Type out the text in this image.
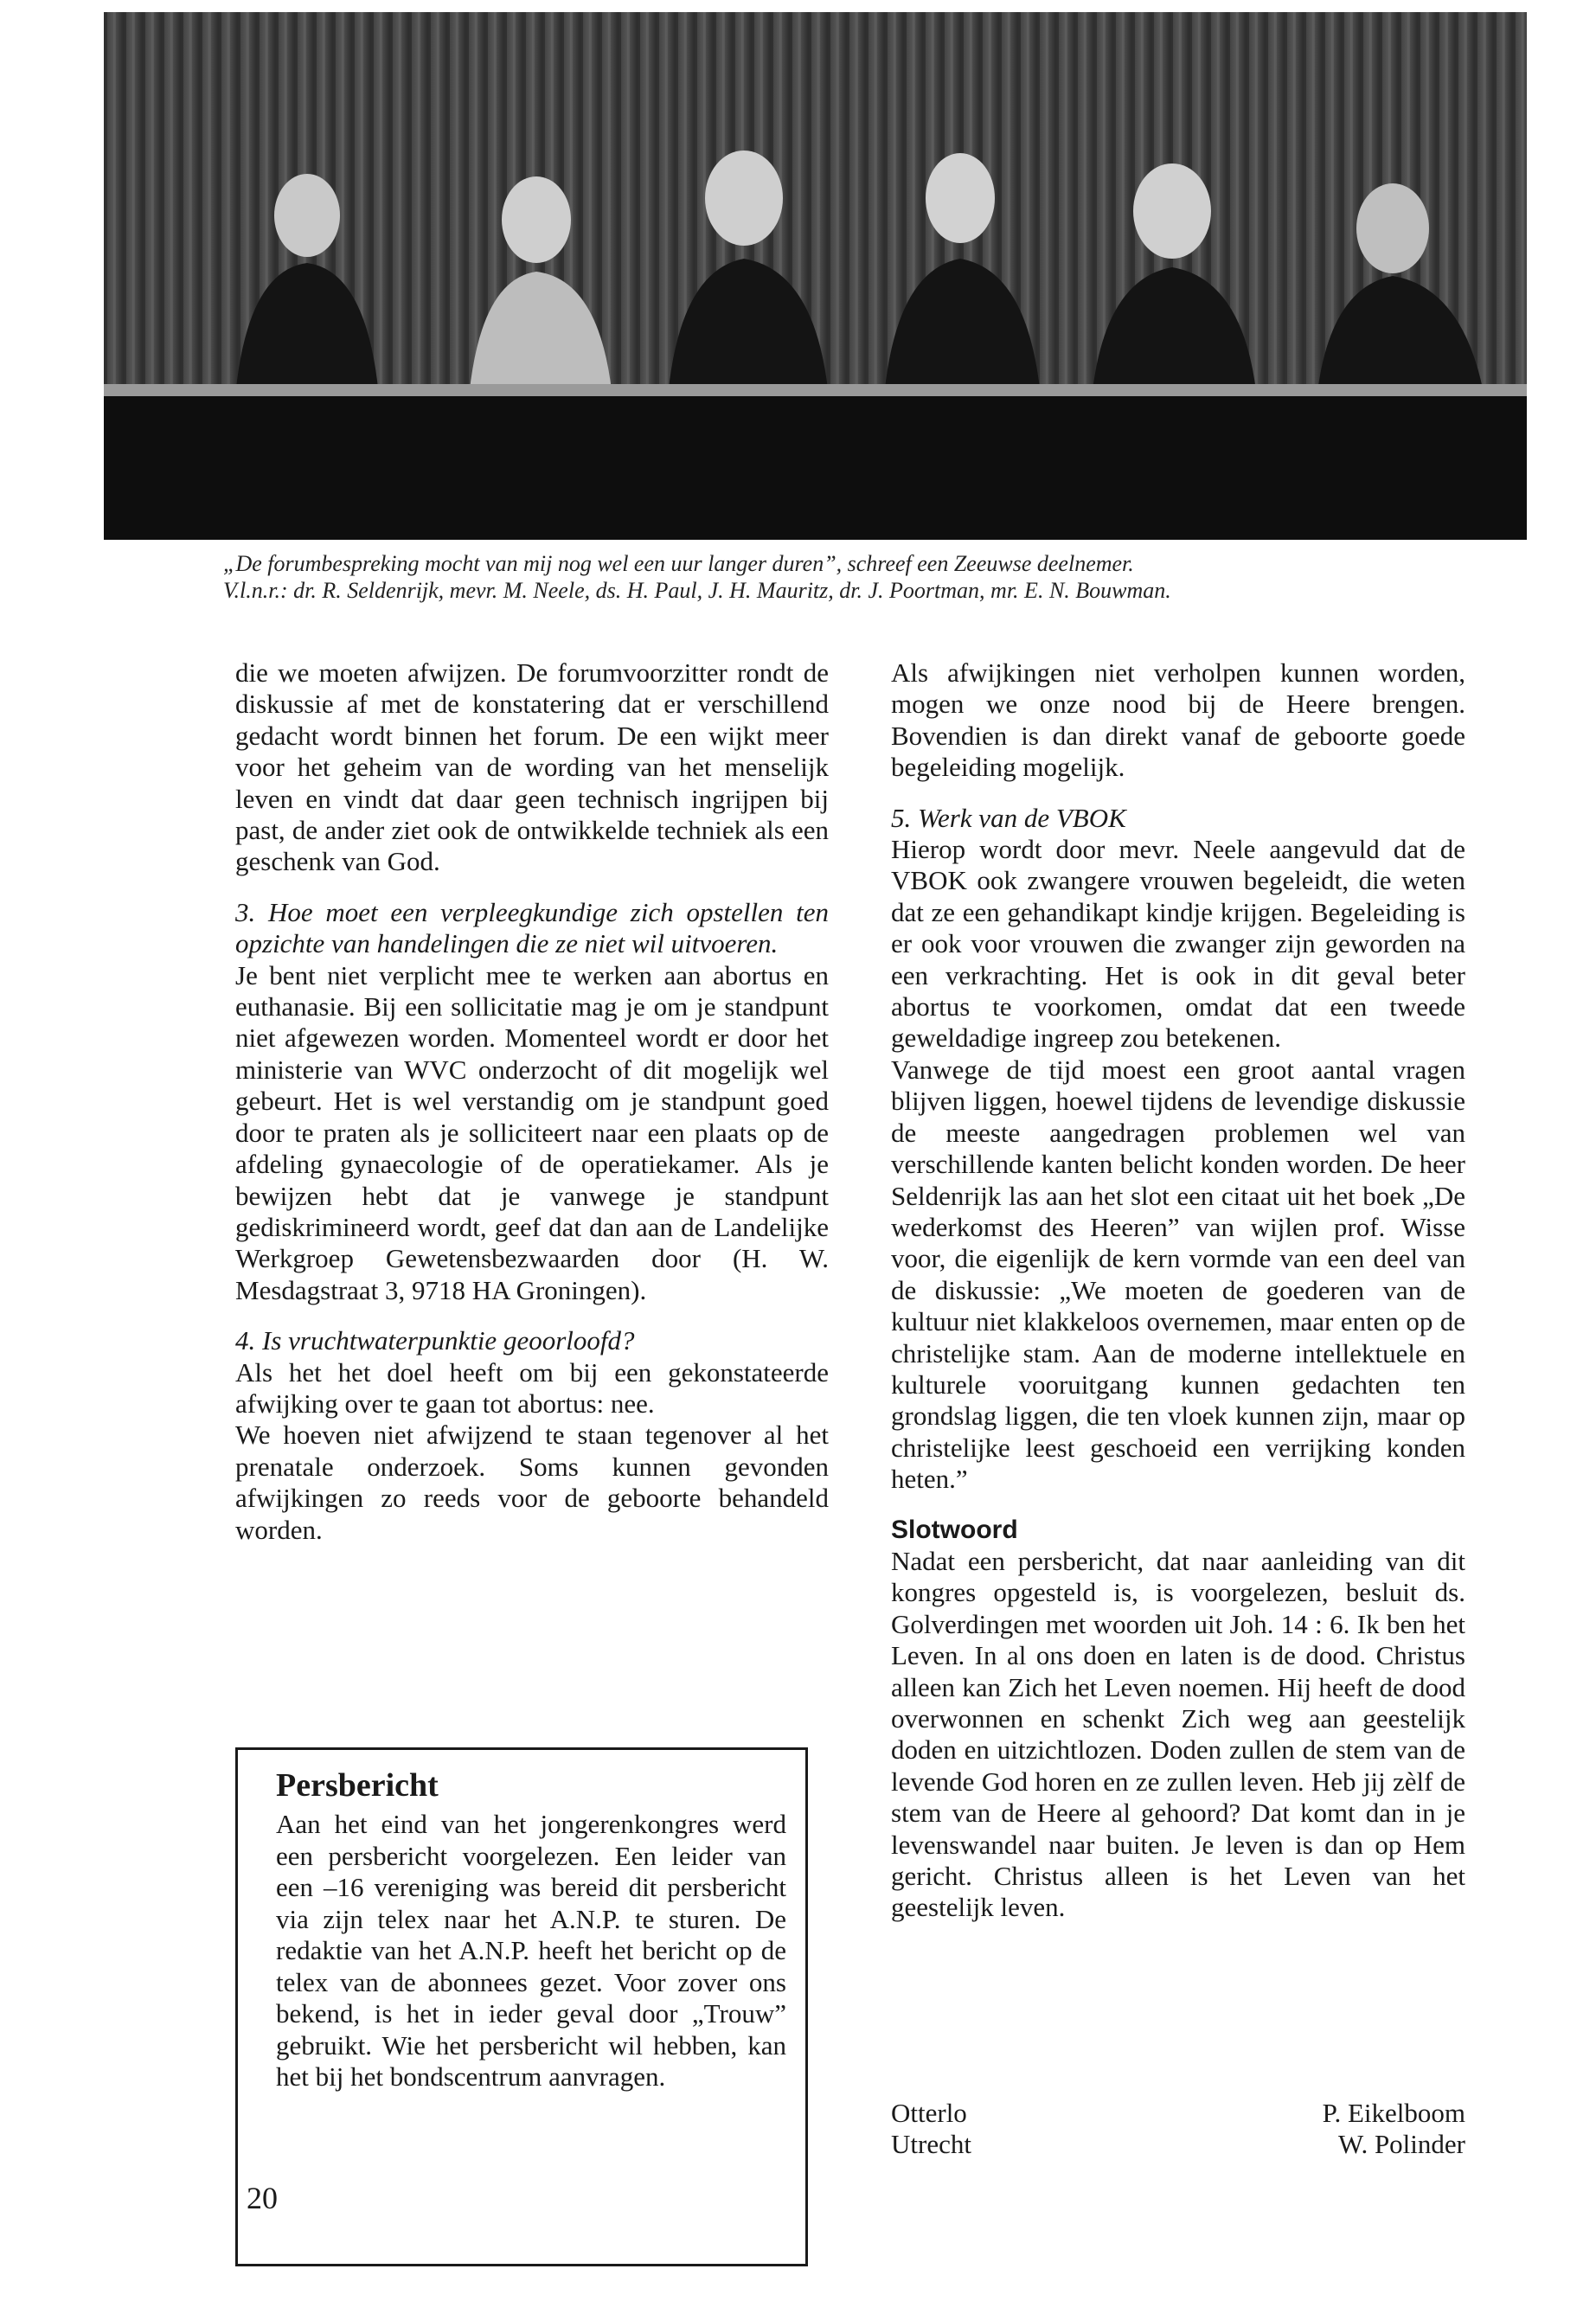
„De forumbespreking mocht van mij nog wel een uur langer duren”, schreef een Zeeuwse deelnemer.

V.l.n.r.: dr. R. Seldenrijk, mevr. M. Neele, ds. H. Paul, J. H. Mauritz, dr. J. Poortman, mr. E. N. Bouwman.

die we moeten afwijzen. De forumvoorzitter rondt de diskussie af met de konstatering dat er verschillend gedacht wordt binnen het forum. De een wijkt meer voor het geheim van de wording van het menselijk leven en vindt dat daar geen technisch ingrijpen bij past, de ander ziet ook de ontwikkelde techniek als een geschenk van God.

3. Hoe moet een verpleegkundige zich opstellen ten opzichte van handelingen die ze niet wil uitvoeren.

Je bent niet verplicht mee te werken aan abortus en euthanasie. Bij een sollicitatie mag je om je standpunt niet afgewezen worden. Momenteel wordt er door het ministerie van WVC onderzocht of dit mogelijk wel gebeurt. Het is wel verstandig om je standpunt goed door te praten als je solliciteert naar een plaats op de afdeling gynaecologie of de operatiekamer. Als je bewijzen hebt dat je vanwege je standpunt gediskrimineerd wordt, geef dat dan aan de Landelijke Werkgroep Gewetensbezwaarden door (H. W. Mesdagstraat 3, 9718 HA Groningen).

4. Is vruchtwaterpunktie geoorloofd?

Als het het doel heeft om bij een gekonstateerde afwijking over te gaan tot abortus: nee.

We hoeven niet afwijzend te staan tegenover al het prenatale onderzoek. Soms kunnen gevonden afwijkingen zo reeds voor de geboorte behandeld worden.

Persbericht

Aan het eind van het jongerenkongres werd een persbericht voorgelezen. Een leider van een –16 vereniging was bereid dit persbericht via zijn telex naar het A.N.P. te sturen. De redaktie van het A.N.P. heeft het bericht op de telex van de abonnees gezet. Voor zover ons bekend, is het in ieder geval door „Trouw” gebruikt. Wie het persbericht wil hebben, kan het bij het bondscentrum aanvragen.

Als afwijkingen niet verholpen kunnen worden, mogen we onze nood bij de Heere brengen. Bovendien is dan direkt vanaf de geboorte goede begeleiding mogelijk.

5. Werk van de VBOK

Hierop wordt door mevr. Neele aangevuld dat de VBOK ook zwangere vrouwen begeleidt, die weten dat ze een gehandikapt kindje krijgen. Begeleiding is er ook voor vrouwen die zwanger zijn geworden na een verkrachting. Het is ook in dit geval beter abortus te voorkomen, omdat dat een tweede geweldadige ingreep zou betekenen.

Vanwege de tijd moest een groot aantal vragen blijven liggen, hoewel tijdens de levendige diskussie de meeste aangedragen problemen wel van verschillende kanten belicht konden worden. De heer Seldenrijk las aan het slot een citaat uit het boek „De wederkomst des Heeren” van wijlen prof. Wisse voor, die eigenlijk de kern vormde van een deel van de diskussie: „We moeten de goederen van de kultuur niet klakkeloos overnemen, maar enten op de christelijke stam. Aan de moderne intellektuele en kulturele vooruitgang kunnen gedachten ten grondslag liggen, die ten vloek kunnen zijn, maar op christelijke leest geschoeid een verrijking konden heten.”

Slotwoord

Nadat een persbericht, dat naar aanleiding van dit kongres opgesteld is, is voorgelezen, besluit ds. Golverdingen met woorden uit Joh. 14 : 6. Ik ben het Leven. In al ons doen en laten is de dood. Christus alleen kan Zich het Leven noemen. Hij heeft de dood overwonnen en schenkt Zich weg aan geestelijk doden en uitzichtlozen. Doden zullen de stem van de levende God horen en ze zullen leven. Heb jij zèlf de stem van de Heere al gehoord? Dat komt dan in je levenswandel naar buiten. Je leven is dan op Hem gericht. Christus alleen is het Leven van het geestelijk leven.

Otterlo

Utrecht

P. Eikelboom

W. Polinder

20
